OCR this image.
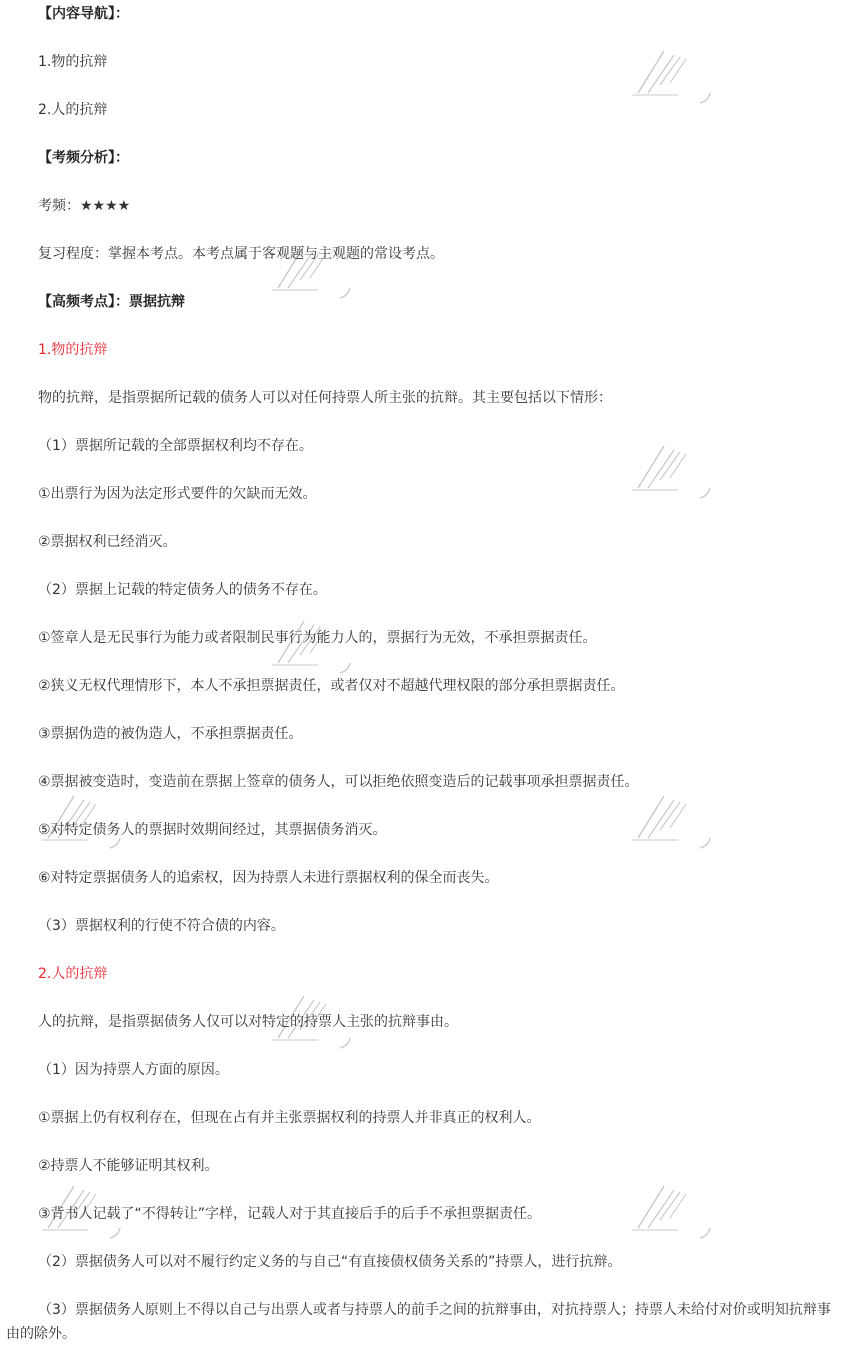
【内容导航】：
1.物的抗辩
2.人的抗辩
【考频分析】：
考频：★★★★
复习程度：掌握本考点。本考点属于客观题与主观题的常设考点。
【高频考点】：票据抗辩
1.物的抗辩
物的抗辩，是指票据所记载的债务人可以对任何持票人所主张的抗辩。其主要包括以下情形：
（1）票据所记载的全部票据权利均不存在。
①出票行为因为法定形式要件的欠缺而无效。
②票据权利已经消灭。
（2）票据上记载的特定债务人的债务不存在。
①签章人是无民事行为能力或者限制民事行为能力人的，票据行为无效，不承担票据责任。
②狭义无权代理情形下，本人不承担票据责任，或者仅对不超越代理权限的部分承担票据责任。
③票据伪造的被伪造人，不承担票据责任。
④票据被变造时，变造前在票据上签章的债务人，可以拒绝依照变造后的记载事项承担票据责任。
⑤对特定债务人的票据时效期间经过，其票据债务消灭。
⑥对特定票据债务人的追索权，因为持票人未进行票据权利的保全而丧失。
（3）票据权利的行使不符合债的内容。
2.人的抗辩
人的抗辩，是指票据债务人仅可以对特定的持票人主张的抗辩事由。
（1）因为持票人方面的原因。
①票据上仍有权利存在，但现在占有并主张票据权利的持票人并非真正的权利人。
②持票人不能够证明其权利。
③背书人记载了“不得转让”字样，记载人对于其直接后手的后手不承担票据责任。
（2）票据债务人可以对不履行约定义务的与自己“有直接债权债务关系的”持票人，进行抗辩。
（3）票据债务人原则上不得以自己与出票人或者与持票人的前手之间的抗辩事由，对抗持票人；持票人未给付对价或明知抗辩事由的除外。
